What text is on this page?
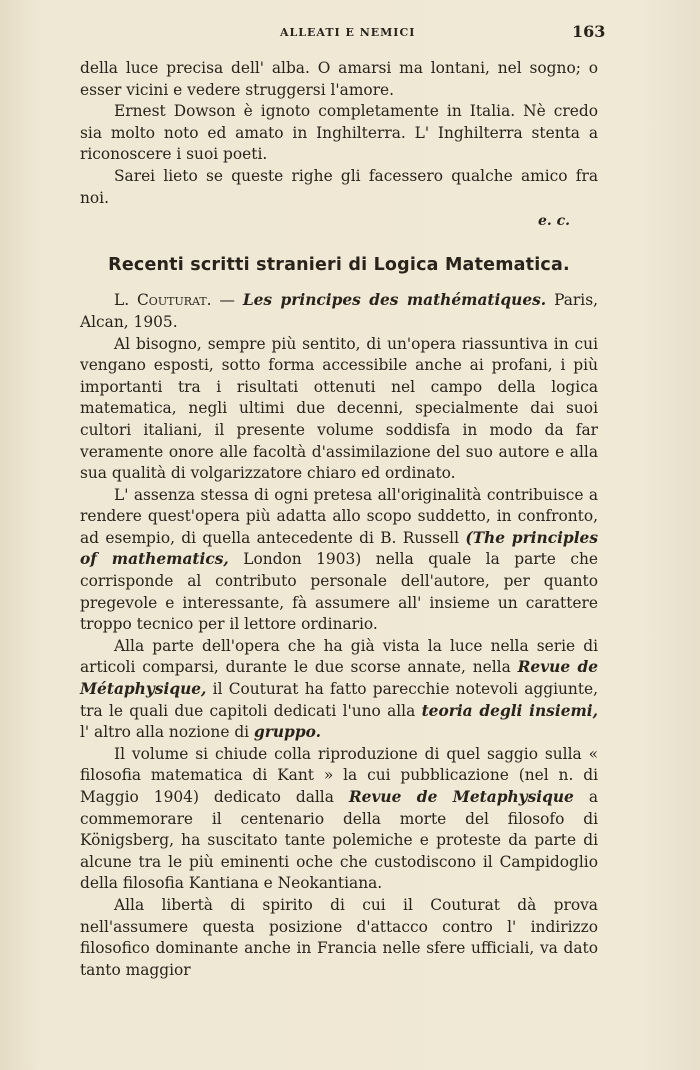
ALLEATI E NEMICI	163

della luce precisa dell' alba. O amarsi ma lontani, nel sogno; o esser vicini e vedere struggersi l'amore.

Ernest Dowson è ignoto completamente in Italia. Nè credo sia molto noto ed amato in Inghilterra. L' Inghilterra stenta a riconoscere i suoi poeti.

Sarei lieto se queste righe gli facessero qualche amico fra noi.

e. c.
Recenti scritti stranieri di Logica Matematica.

L. Couturat. — Les principes des mathématiques. Paris, Alcan, 1905.

Al bisogno, sempre più sentito, di un'opera riassuntiva in cui vengano esposti, sotto forma accessibile anche ai profani, i più importanti tra i risultati ottenuti nel campo della logica matematica, negli ultimi due decenni, specialmente dai suoi cultori italiani, il presente volume soddisfa in modo da far veramente onore alle facoltà d'assimilazione del suo autore e alla sua qualità di volgarizzatore chiaro ed ordinato.

L' assenza stessa di ogni pretesa all'originalità contribuisce a rendere quest'opera più adatta allo scopo suddetto, in confronto, ad esempio, di quella antecedente di B. Russell (The principles of mathematics, London 1903) nella quale la parte che corrisponde al contributo personale dell'autore, per quanto pregevole e interessante, fà assumere all' insieme un carattere troppo tecnico per il lettore ordinario.

Alla parte dell'opera che ha già vista la luce nella serie di articoli comparsi, durante le due scorse annate, nella Revue de Métaphysique, il Couturat ha fatto parecchie notevoli aggiunte, tra le quali due capitoli dedicati l'uno alla teoria degli insiemi, l' altro alla nozione di gruppo.

Il volume si chiude colla riproduzione di quel saggio sulla « filosofia matematica di Kant » la cui pubblicazione (nel n. di Maggio 1904) dedicato dalla Revue de Metaphysique a commemorare il centenario della morte del filosofo di Königsberg, ha suscitato tante polemiche e proteste da parte di alcune tra le più eminenti oche che custodiscono il Campidoglio della filosofia Kantiana e Neokantiana.

Alla libertà di spirito di cui il Couturat dà prova nell'assumere questa posizione d'attacco contro l' indirizzo filosofico dominante anche in Francia nelle sfere ufficiali, va dato tanto maggior
